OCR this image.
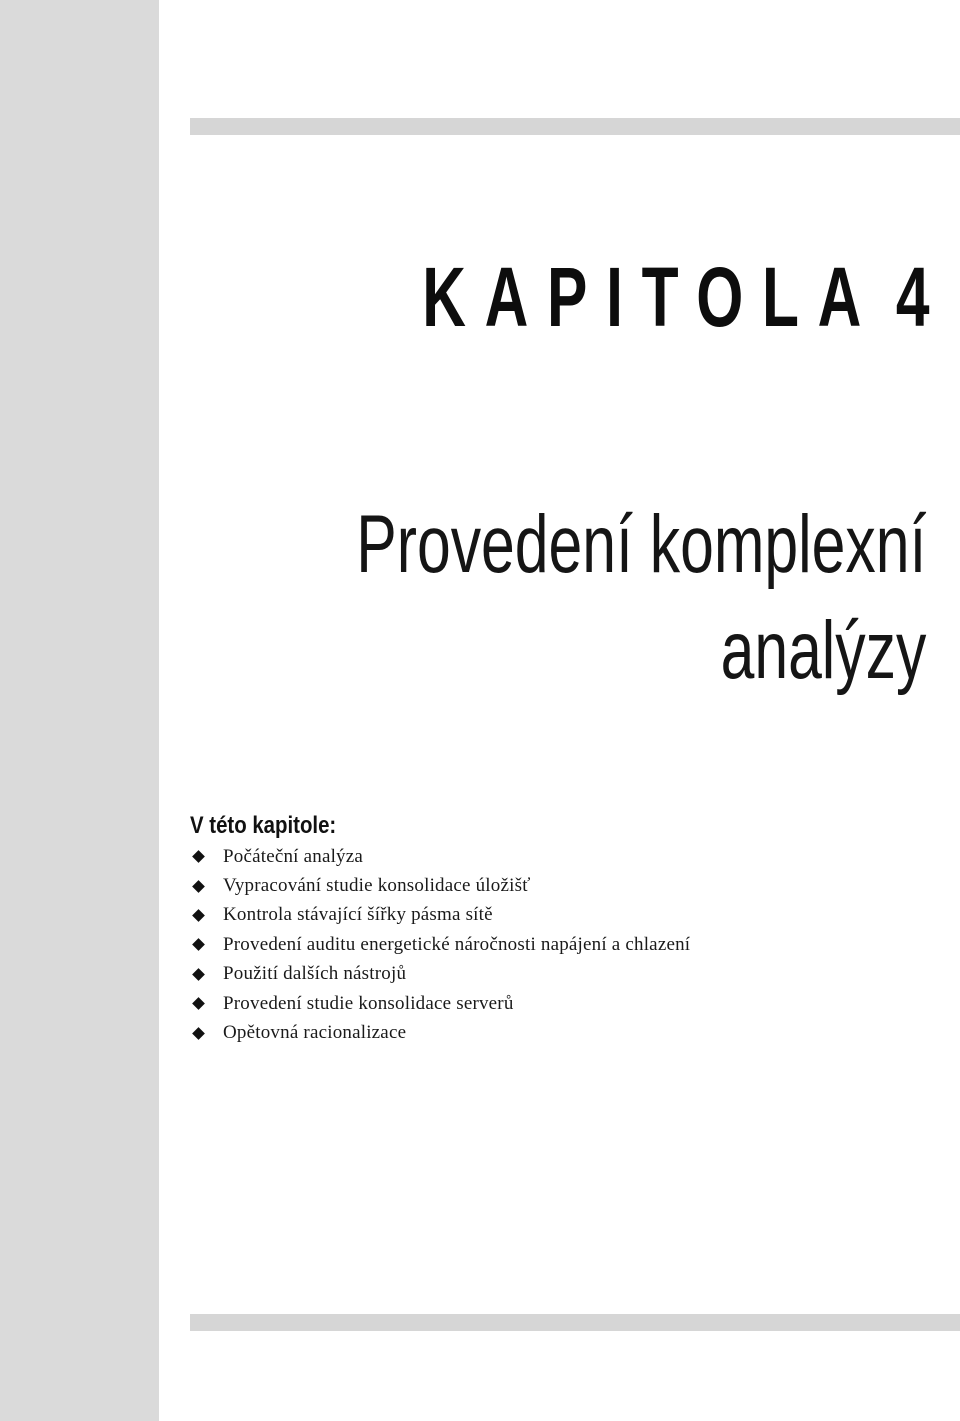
KAPITOLA 4
Provedení komplexní
analýzy
V této kapitole:
Počáteční analýza
Vypracování studie konsolidace úložišť
Kontrola stávající šířky pásma sítě
Provedení auditu energetické náročnosti napájení a chlazení
Použití dalších nástrojů
Provedení studie konsolidace serverů
Opětovná racionalizace
